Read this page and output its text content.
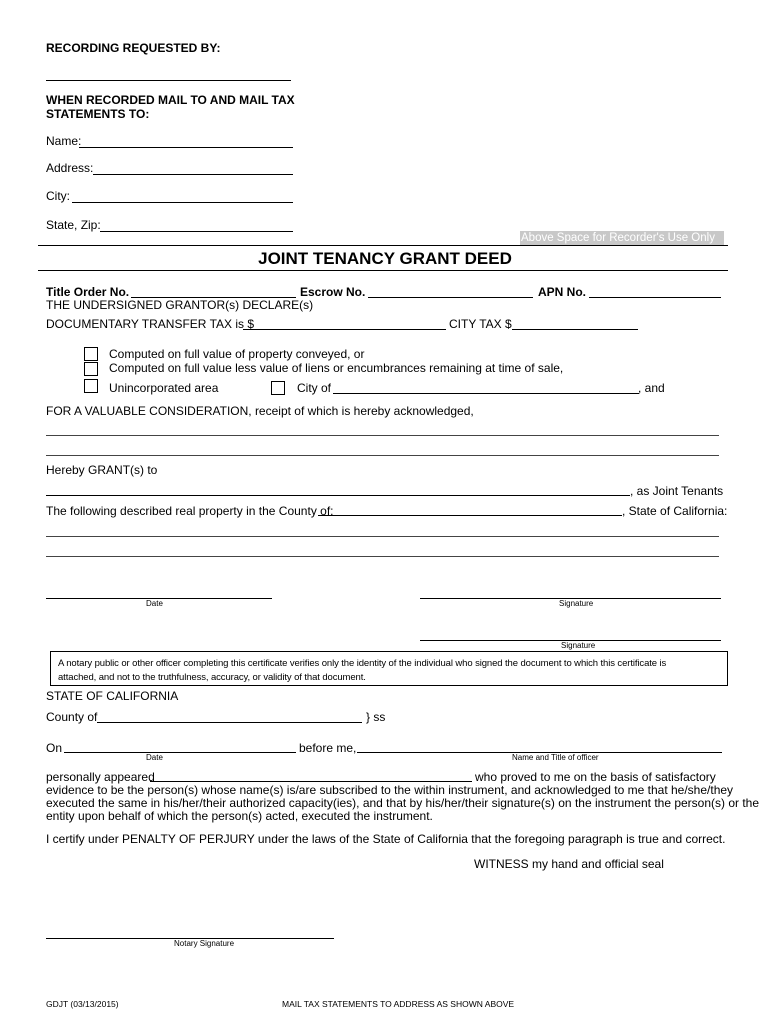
RECORDING REQUESTED BY:
WHEN RECORDED MAIL TO AND MAIL TAX
STATEMENTS TO:
Name:
Address:
City:
State, Zip:
Above Space for Recorder's Use Only
JOINT TENANCY GRANT DEED
Title Order No.	Escrow No.	APN No.
THE UNDERSIGNED GRANTOR(s) DECLARE(s)
DOCUMENTARY TRANSFER TAX is $	CITY TAX $
Computed on full value of property conveyed, or
Computed on full value less value of liens or encumbrances remaining at time of sale,
Unincorporated area	City of	, and
FOR A VALUABLE CONSIDERATION, receipt of which is hereby acknowledged,
Hereby GRANT(s) to
, as Joint Tenants
The following described real property in the County of:	, State of California:
Date	Signature
Signature
A notary public or other officer completing this certificate verifies only the identity of the individual who signed the document to which this certificate is
attached, and not to the truthfulness, accuracy, or validity of that document.
STATE OF CALIFORNIA
County of	} ss
On
Date
before me,
Name and Title of officer
personally appeared	who proved to me on the basis of satisfactory
evidence to be the person(s) whose name(s) is/are subscribed to the within instrument, and acknowledged to me that he/she/they
executed the same in his/her/their authorized capacity(ies), and that by his/her/their signature(s) on the instrument the person(s) or the
entity upon behalf of which the person(s) acted, executed the instrument.
I certify under PENALTY OF PERJURY under the laws of the State of California that the foregoing paragraph is true and correct.
WITNESS my hand and official seal
Notary Signature
GDJT (03/13/2015)	MAIL TAX STATEMENTS TO ADDRESS AS SHOWN ABOVE
